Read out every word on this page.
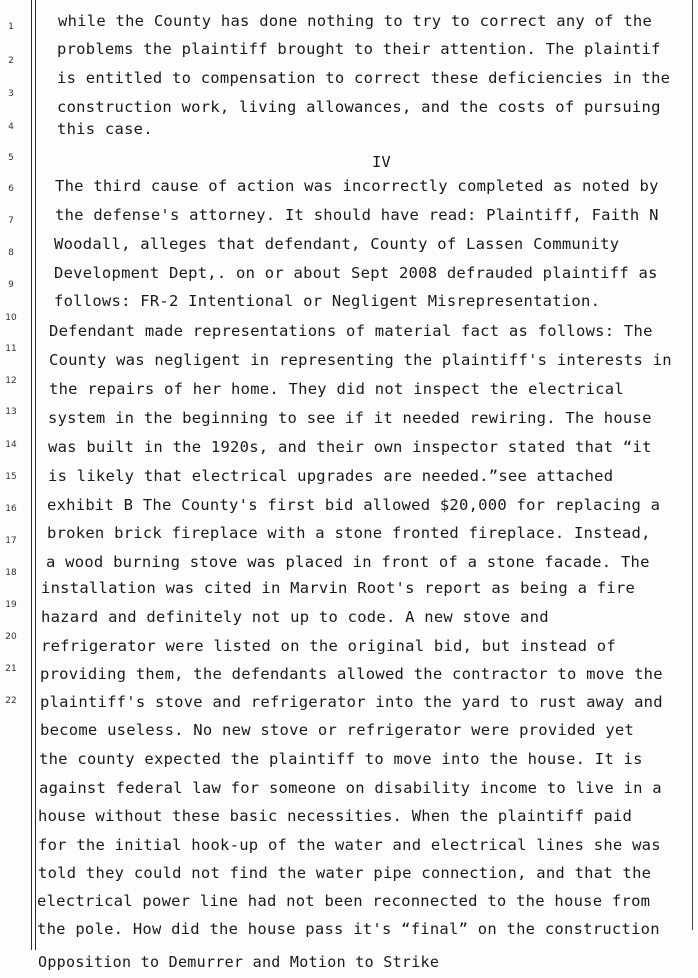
1
2
3
4
5
6
7
8
9
10
11
12
13
14
15
16
17
18
19
20
21
22
while the County has done nothing to try to correct any of the
problems the plaintiff brought to their attention. The plaintif
is entitled to compensation to correct these deficiencies in the
construction work, living allowances, and the costs of pursuing
this case.
IV
The third cause of action was incorrectly completed as noted by
the defense's attorney. It should have read: Plaintiff, Faith N
Woodall, alleges that defendant, County of Lassen Community
Development Dept,. on or about Sept 2008 defrauded plaintiff as
follows: FR-2 Intentional or Negligent Misrepresentation.
Defendant made representations of material fact as follows: The
County was negligent in representing the plaintiff's interests in
the repairs of her home. They did not inspect the electrical
system in the beginning to see if it needed rewiring. The house
was built in the 1920s, and their own inspector stated that “it
is likely that electrical upgrades are needed.”see attached
exhibit B The County's first bid allowed $20,000 for replacing a
broken brick fireplace with a stone fronted fireplace. Instead,
a wood burning stove was placed in front of a stone facade. The
installation was cited in Marvin Root's report as being a fire
hazard and definitely not up to code. A new stove and
refrigerator were listed on the original bid, but instead of
providing them, the defendants allowed the contractor to move the
plaintiff's stove and refrigerator into the yard to rust away and
become useless. No new stove or refrigerator were provided yet
the county expected the plaintiff to move into the house. It is
against federal law for someone on disability income to live in a
house without these basic necessities. When the plaintiff paid
for the initial hook-up of the water and electrical lines she was
told they could not find the water pipe connection, and that the
electrical power line had not been reconnected to the house from
the pole. How did the house pass it's “final” on the construction
Opposition to Demurrer and Motion to Strike
